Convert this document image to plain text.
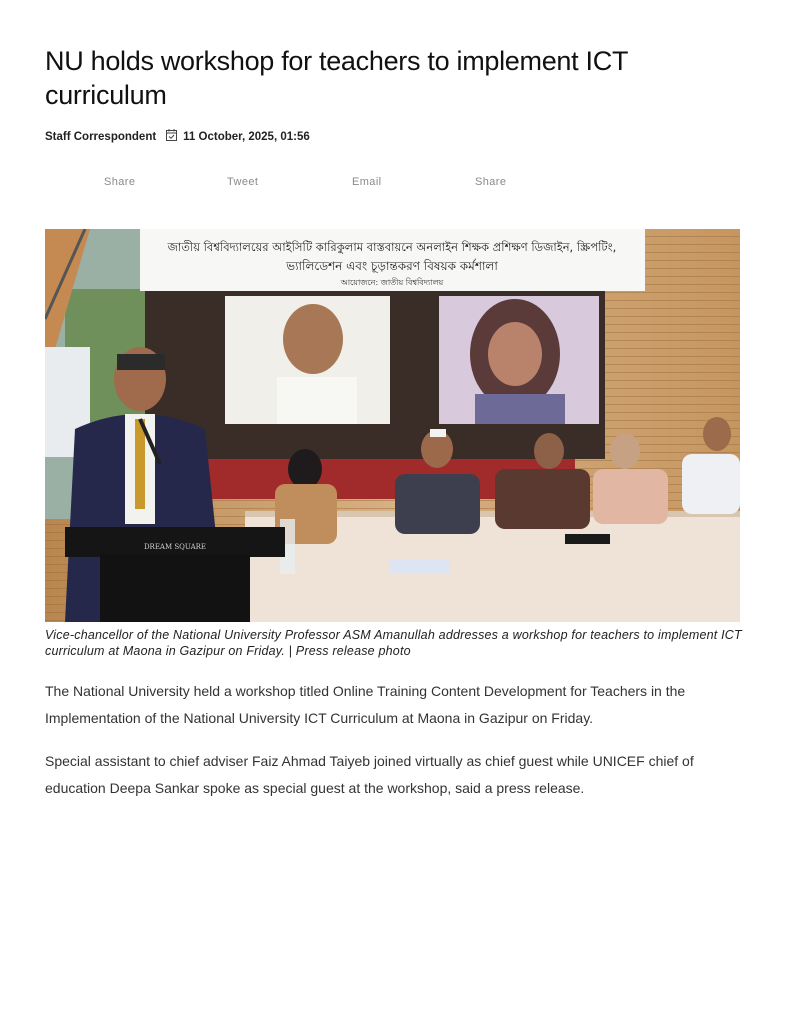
NU holds workshop for teachers to implement ICT curriculum
Staff Correspondent 11 October, 2025, 01:56
Share	Tweet	Email	Share
জাতীয় বিশ্ববিদ্যালয়ের আইসিটি কারিকুলাম বাস্তবায়নে অনলাইন শিক্ষক প্রশিক্ষণ ডিজাইন, স্ক্রিপটিং,
ভ্যালিডেশন এবং চূড়ান্তকরণ বিষয়ক কর্মশালা
আয়োজনে: জাতীয় বিশ্ববিদ্যালয়
DREAM SQUARE
Vice-chancellor of the National University Professor ASM Amanullah addresses a workshop for teachers to implement ICT curriculum at Maona in Gazipur on Friday. | Press release photo

The National University held a workshop titled Online Training Content Development for Teachers in the Implementation of the National University ICT Curriculum at Maona in Gazipur on Friday.

Special assistant to chief adviser Faiz Ahmad Taiyeb joined virtually as chief guest while UNICEF chief of education Deepa Sankar spoke as special guest at the workshop, said a press release.
